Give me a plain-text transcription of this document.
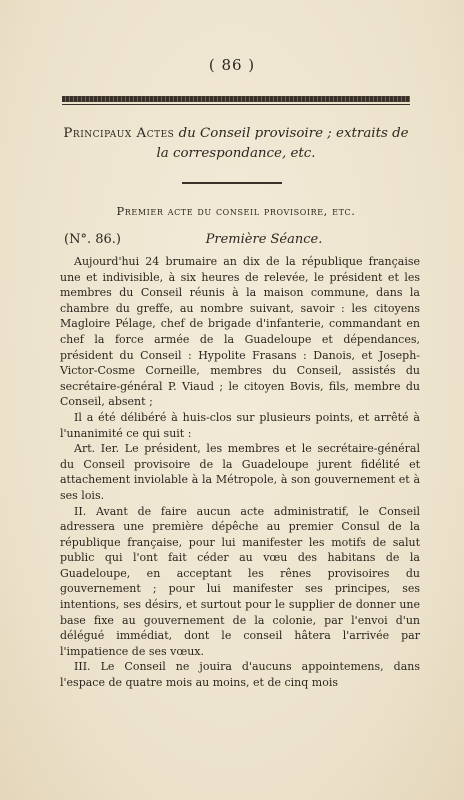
( 86 )
Principaux Actes du Conseil provisoire ; extraits de la correspondance, etc.
Premier acte du conseil provisoire, etc.
(N°. 86.)	Première Séance.

Aujourd'hui 24 brumaire an dix de la république française une et indivisible, à six heures de relevée, le président et les membres du Conseil réunis à la maison commune, dans la chambre du greffe, au nombre suivant, savoir : les citoyens Magloire Pélage, chef de brigade d'infanterie, commandant en chef la force armée de la Guadeloupe et dépendances, président du Conseil : Hypolite Frasans : Danois, et Joseph-Victor-Cosme Corneille, membres du Conseil, assistés du secrétaire-général P. Viaud ; le citoyen Bovis, fils, membre du Conseil, absent ;

Il a été délibéré à huis-clos sur plusieurs points, et arrêté à l'unanimité ce qui suit :

Art. Ier. Le président, les membres et le secrétaire-général du Conseil provisoire de la Guadeloupe jurent fidélité et attachement inviolable à la Métropole, à son gouvernement et à ses lois.

II. Avant de faire aucun acte administratif, le Conseil adressera une première dépêche au premier Consul de la république française, pour lui manifester les motifs de salut public qui l'ont fait céder au vœu des habitans de la Guadeloupe, en acceptant les rênes provisoires du gouvernement ; pour lui manifester ses principes, ses intentions, ses désirs, et surtout pour le supplier de donner une base fixe au gouvernement de la colonie, par l'envoi d'un délégué immédiat, dont le conseil hâtera l'arrivée par l'impatience de ses vœux.

III. Le Conseil ne jouira d'aucuns appointemens, dans l'espace de quatre mois au moins, et de cinq mois
